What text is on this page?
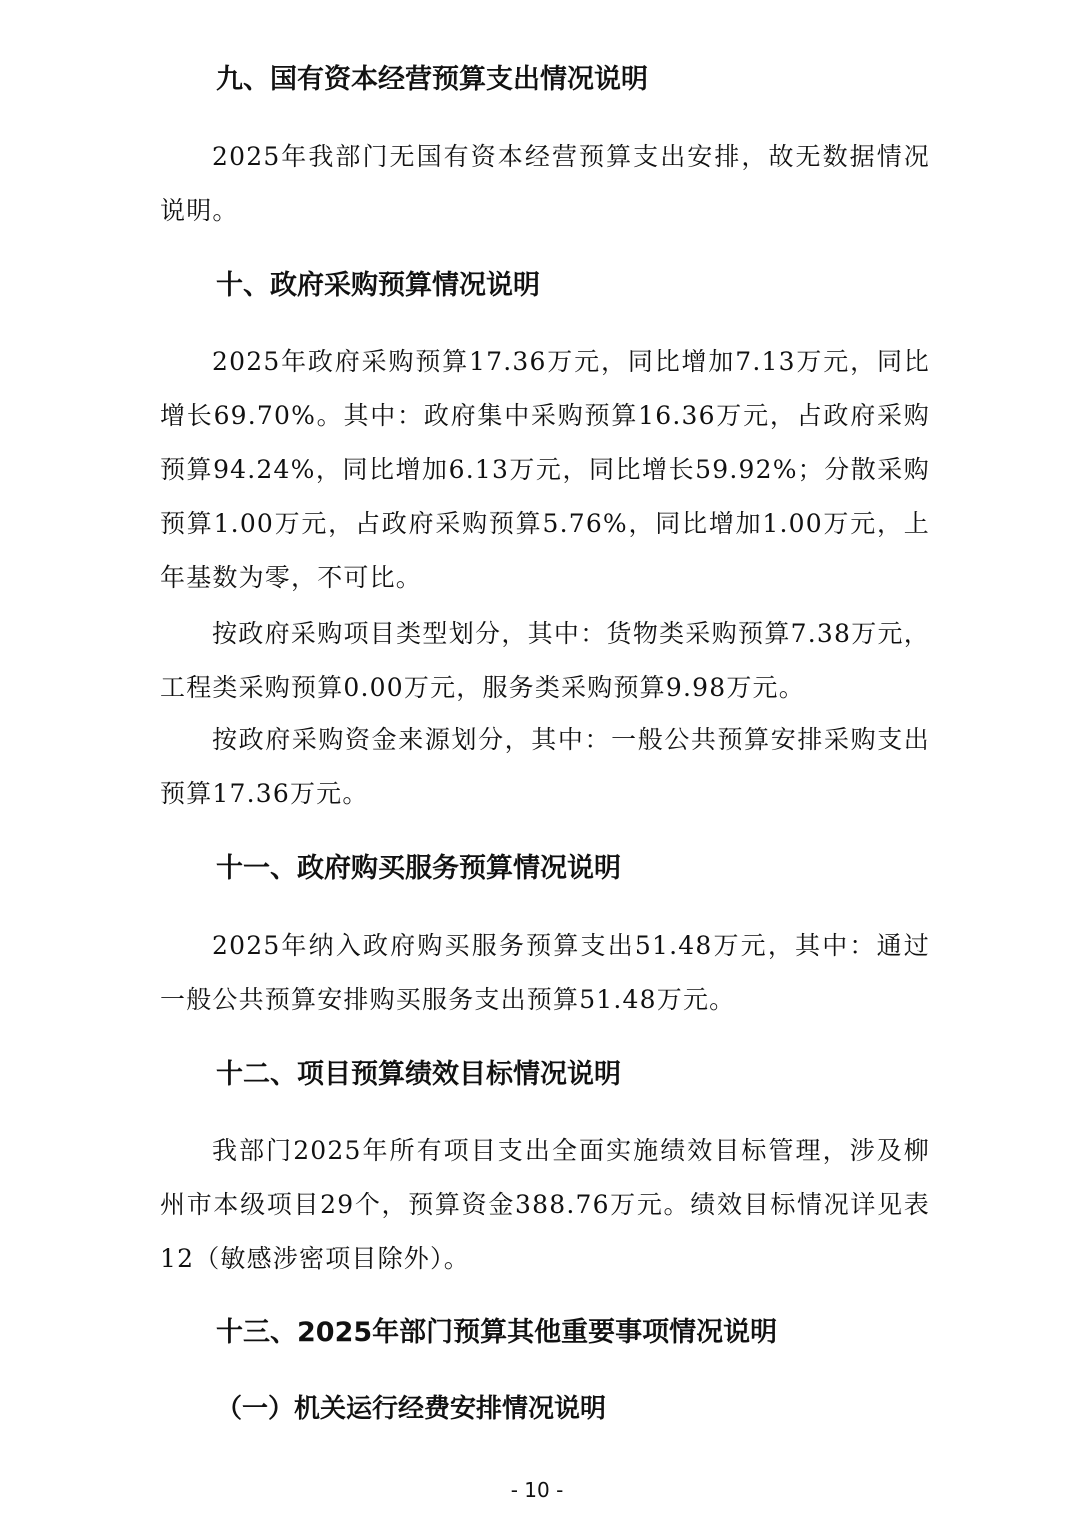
九、国有资本经营预算支出情况说明

2025年我部门无国有资本经营预算支出安排，故无数据情况说明。

十、政府采购预算情况说明

2025年政府采购预算17.36万元，同比增加7.13万元，同比增长69.70%。其中：政府集中采购预算16.36万元，占政府采购预算94.24%，同比增加6.13万元，同比增长59.92%；分散采购预算1.00万元，占政府采购预算5.76%，同比增加1.00万元，上年基数为零，不可比。

按政府采购项目类型划分，其中：货物类采购预算7.38万元，工程类采购预算0.00万元，服务类采购预算9.98万元。

按政府采购资金来源划分，其中：一般公共预算安排采购支出预算17.36万元。

十一、政府购买服务预算情况说明

2025年纳入政府购买服务预算支出51.48万元，其中：通过一般公共预算安排购买服务支出预算51.48万元。

十二、项目预算绩效目标情况说明

我部门2025年所有项目支出全面实施绩效目标管理，涉及柳州市本级项目29个，预算资金388.76万元。绩效目标情况详见表12（敏感涉密项目除外）。

十三、2025年部门预算其他重要事项情况说明
（一）机关运行经费安排情况说明
- 10 -
